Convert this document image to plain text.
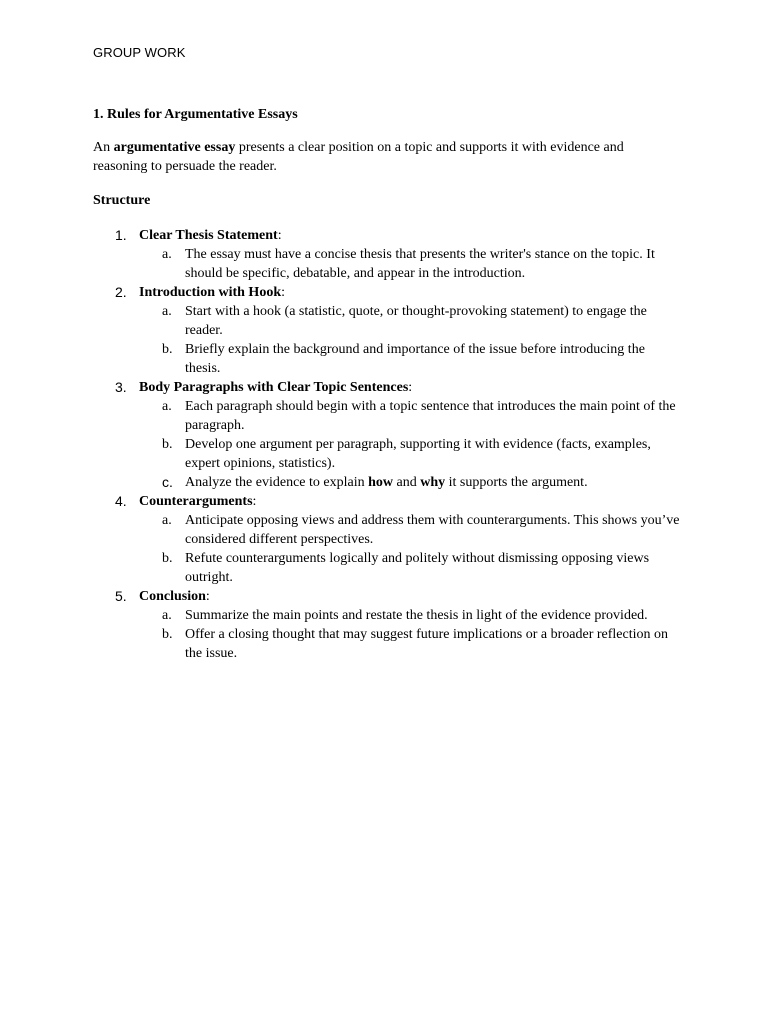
GROUP WORK
1. Rules for Argumentative Essays
An argumentative essay presents a clear position on a topic and supports it with evidence and reasoning to persuade the reader.
Structure
1. Clear Thesis Statement:
a. The essay must have a concise thesis that presents the writer's stance on the topic. It should be specific, debatable, and appear in the introduction.
2. Introduction with Hook:
a. Start with a hook (a statistic, quote, or thought-provoking statement) to engage the reader.
b. Briefly explain the background and importance of the issue before introducing the thesis.
3. Body Paragraphs with Clear Topic Sentences:
a. Each paragraph should begin with a topic sentence that introduces the main point of the paragraph.
b. Develop one argument per paragraph, supporting it with evidence (facts, examples, expert opinions, statistics).
c. Analyze the evidence to explain how and why it supports the argument.
4. Counterarguments:
a. Anticipate opposing views and address them with counterarguments. This shows you’ve considered different perspectives.
b. Refute counterarguments logically and politely without dismissing opposing views outright.
5. Conclusion:
a. Summarize the main points and restate the thesis in light of the evidence provided.
b. Offer a closing thought that may suggest future implications or a broader reflection on the issue.
